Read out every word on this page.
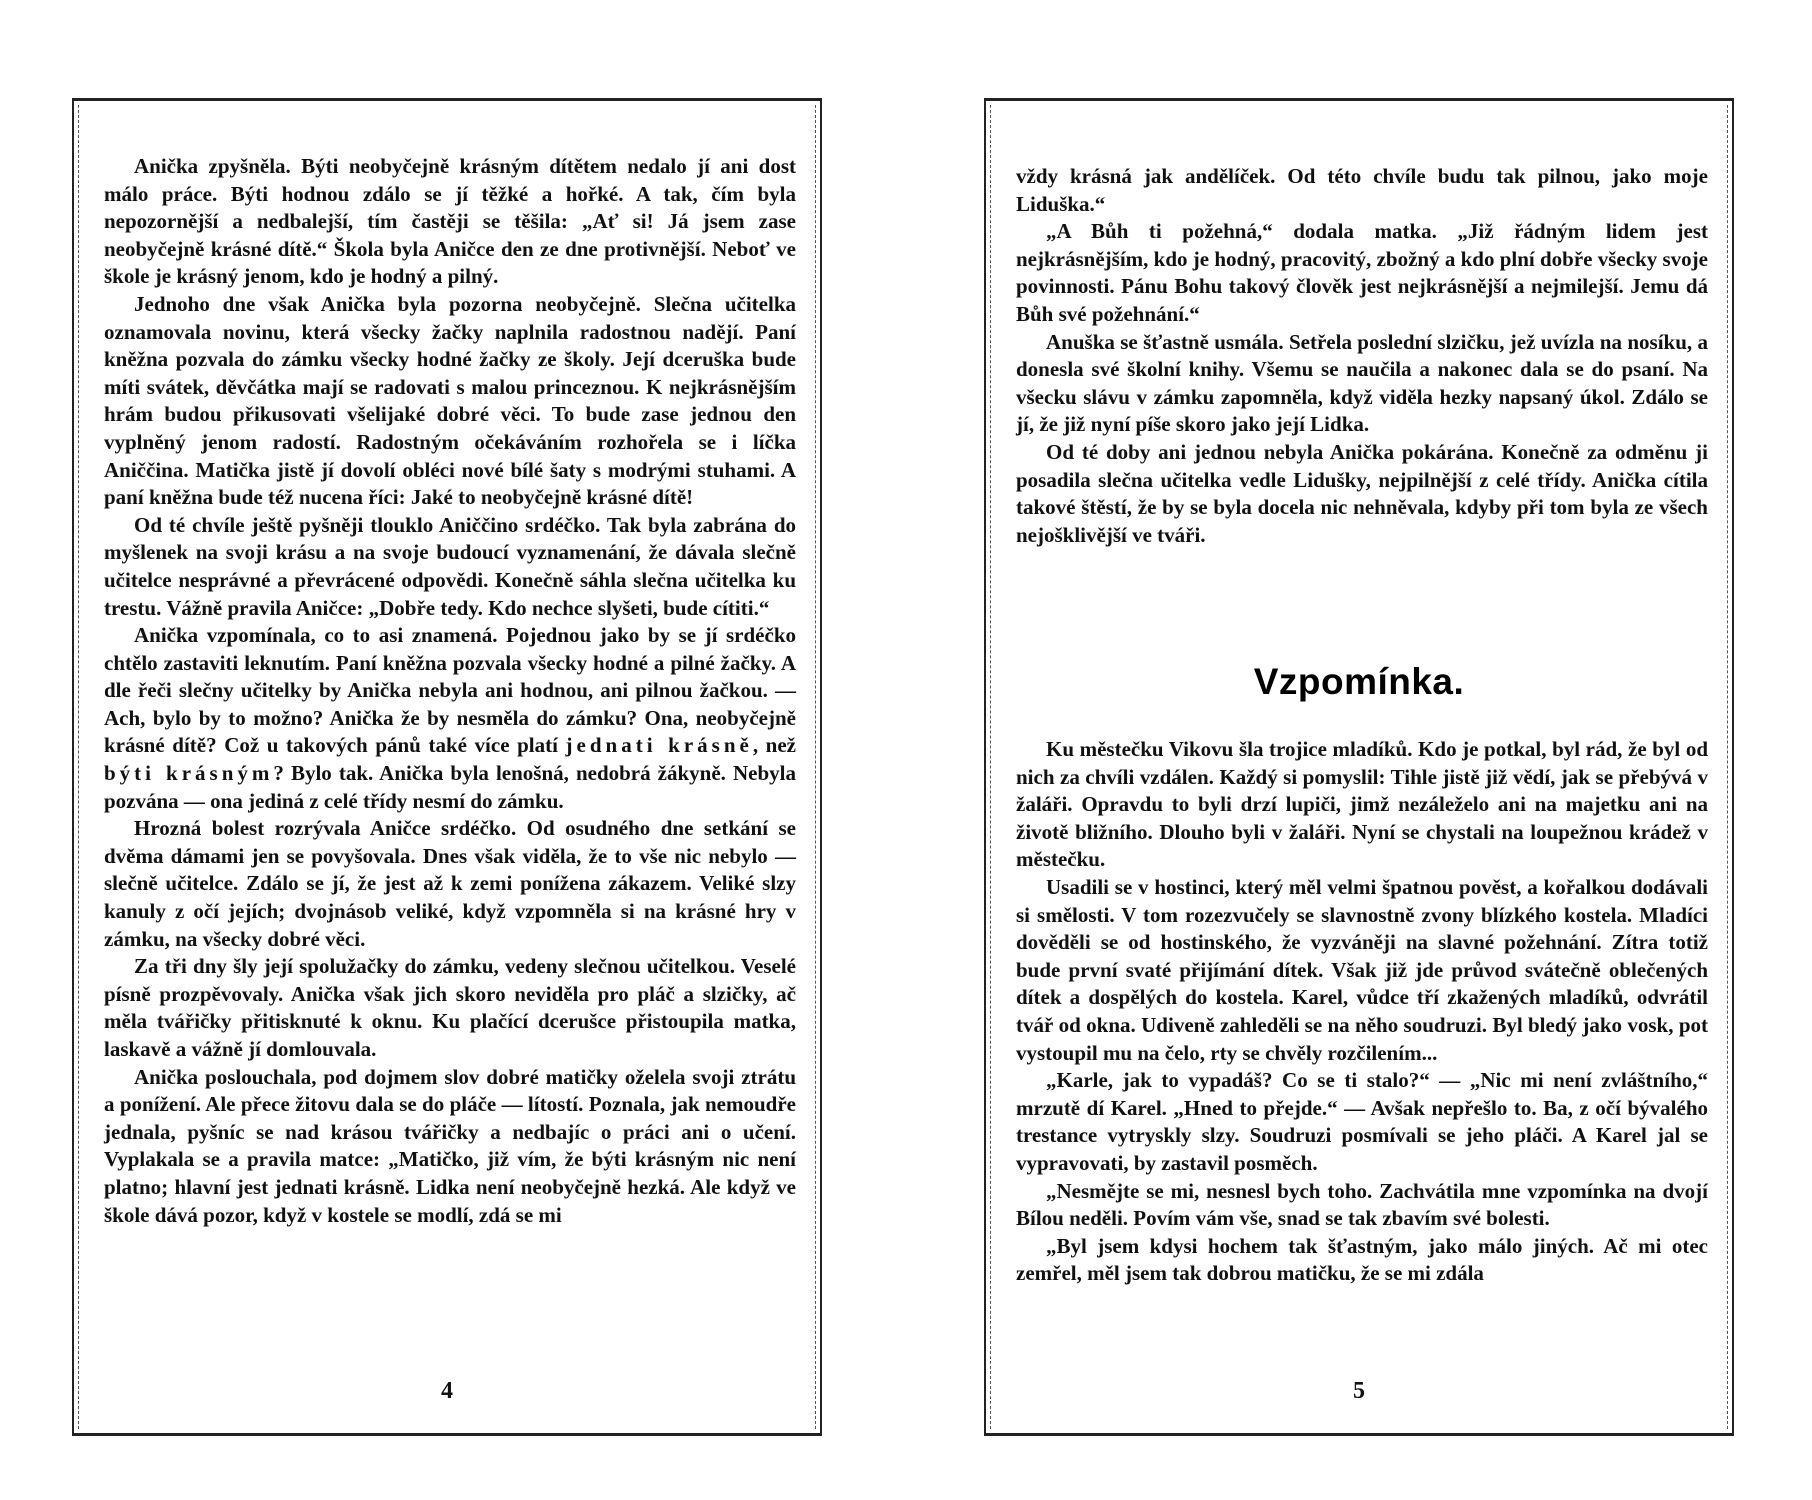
Anička zpyšněla. Býti neobyčejně krásným dítětem nedalo jí ani dost málo práce. Býti hodnou zdálo se jí těžké a hořké. A tak, čím byla nepozornější a nedbalejší, tím častěji se těšila: „Ať si! Já jsem zase neobyčejně krásné dítě.“ Škola byla Aničce den ze dne protivnější. Neboť ve škole je krásný jenom, kdo je hodný a pilný.

Jednoho dne však Anička byla pozorna neobyčejně. Slečna učitelka oznamovala novinu, která všecky žačky naplnila radostnou nadějí. Paní kněžna pozvala do zámku všecky hodné žačky ze školy. Její dceruška bude míti svátek, děvčátka mají se radovati s malou princeznou. K nejkrásnějším hrám budou přikusovati všelijaké dobré věci. To bude zase jednou den vyplněný jenom radostí. Radostným očekáváním rozhořela se i líčka Aniččina. Matička jistě jí dovolí obléci nové bílé šaty s modrými stuhami. A paní kněžna bude též nucena říci: Jaké to neobyčejně krásné dítě!

Od té chvíle ještě pyšněji tlouklo Aniččino srdéčko. Tak byla zabrána do myšlenek na svoji krásu a na svoje budoucí vyznamenání, že dávala slečně učitelce nesprávné a převrácené odpovědi. Konečně sáhla slečna učitelka ku trestu. Vážně pravila Aničce: „Dobře tedy. Kdo nechce slyšeti, bude cítiti.“

Anička vzpomínala, co to asi znamená. Pojednou jako by se jí srdéčko chtělo zastaviti leknutím. Paní kněžna pozvala všecky hodné a pilné žačky. A dle řeči slečny učitelky by Anička nebyla ani hodnou, ani pilnou žačkou. — Ach, bylo by to možno? Anička že by nesměla do zámku? Ona, neobyčejně krásné dítě? Což u takových pánů také více platí jednati krásně, než býti krásným? Bylo tak. Anička byla lenošná, nedobrá žákyně. Nebyla pozvána — ona jediná z celé třídy nesmí do zámku.

Hrozná bolest rozrývala Aničce srdéčko. Od osudného dne setkání se dvěma dámami jen se povyšovala. Dnes však viděla, že to vše nic nebylo — slečně učitelce. Zdálo se jí, že jest až k zemi ponížena zákazem. Veliké slzy kanuly z očí jejích; dvojnásob veliké, když vzpomněla si na krásné hry v zámku, na všecky dobré věci.

Za tři dny šly její spolužačky do zámku, vedeny slečnou učitelkou. Veselé písně prozpěvovaly. Anička však jich skoro neviděla pro pláč a slzičky, ač měla tvářičky přitisknuté k oknu. Ku plačící dcerušce přistoupila matka, laskavě a vážně jí domlouvala.

Anička poslouchala, pod dojmem slov dobré matičky oželela svoji ztrátu a ponížení. Ale přece žitovu dala se do pláče — lítostí. Poznala, jak nemoudře jednala, pyšníc se nad krásou tvářičky a nedbajíc o práci ani o učení. Vyplakala se a pravila matce: „Matičko, již vím, že býti krásným nic není platno; hlavní jest jednati krásně. Lidka není neobyčejně hezká. Ale když ve škole dává pozor, když v kostele se modlí, zdá se mi

4

vždy krásná jak andělíček. Od této chvíle budu tak pilnou, jako moje Liduška.“

„A Bůh ti požehná,“ dodala matka. „Již řádným lidem jest nejkrásnějším, kdo je hodný, pracovitý, zbožný a kdo plní dobře všecky svoje povinnosti. Pánu Bohu takový člověk jest nejkrásnější a nejmilejší. Jemu dá Bůh své požehnání.“

Anuška se šťastně usmála. Setřela poslední slzičku, jež uvízla na nosíku, a donesla své školní knihy. Všemu se naučila a nakonec dala se do psaní. Na všecku slávu v zámku zapomněla, když viděla hezky napsaný úkol. Zdálo se jí, že již nyní píše skoro jako její Lidka.

Od té doby ani jednou nebyla Anička pokárána. Konečně za odměnu ji posadila slečna učitelka vedle Lidušky, nejpilnější z celé třídy. Anička cítila takové štěstí, že by se byla docela nic nehněvala, kdyby při tom byla ze všech nejošklivější ve tváři.

Vzpomínka.

Ku městečku Vikovu šla trojice mladíků. Kdo je potkal, byl rád, že byl od nich za chvíli vzdálen. Každý si pomyslil: Tihle jistě již vědí, jak se přebývá v žaláři. Opravdu to byli drzí lupiči, jimž nezáleželo ani na majetku ani na životě bližního. Dlouho byli v žaláři. Nyní se chystali na loupežnou krádež v městečku.

Usadili se v hostinci, který měl velmi špatnou pověst, a kořalkou dodávali si smělosti. V tom rozezvučely se slavnostně zvony blízkého kostela. Mladíci dověděli se od hostinského, že vyzváněji na slavné požehnání. Zítra totiž bude první svaté přijímání dítek. Však již jde průvod svátečně oblečených dítek a dospělých do kostela. Karel, vůdce tří zkažených mladíků, odvrátil tvář od okna. Udiveně zahleděli se na něho soudruzi. Byl bledý jako vosk, pot vystoupil mu na čelo, rty se chvěly rozčilením...

„Karle, jak to vypadáš? Co se ti stalo?“ — „Nic mi není zvláštního,“ mrzutě dí Karel. „Hned to přejde.“ — Avšak nepřešlo to. Ba, z očí bývalého trestance vytryskly slzy. Soudruzi posmívali se jeho pláči. A Karel jal se vypravovati, by zastavil posměch.

„Nesmějte se mi, nesnesl bych toho. Zachvátila mne vzpomínka na dvojí Bílou neděli. Povím vám vše, snad se tak zbavím své bolesti.

„Byl jsem kdysi hochem tak šťastným, jako málo jiných. Ač mi otec zemřel, měl jsem tak dobrou matičku, že se mi zdála

5
